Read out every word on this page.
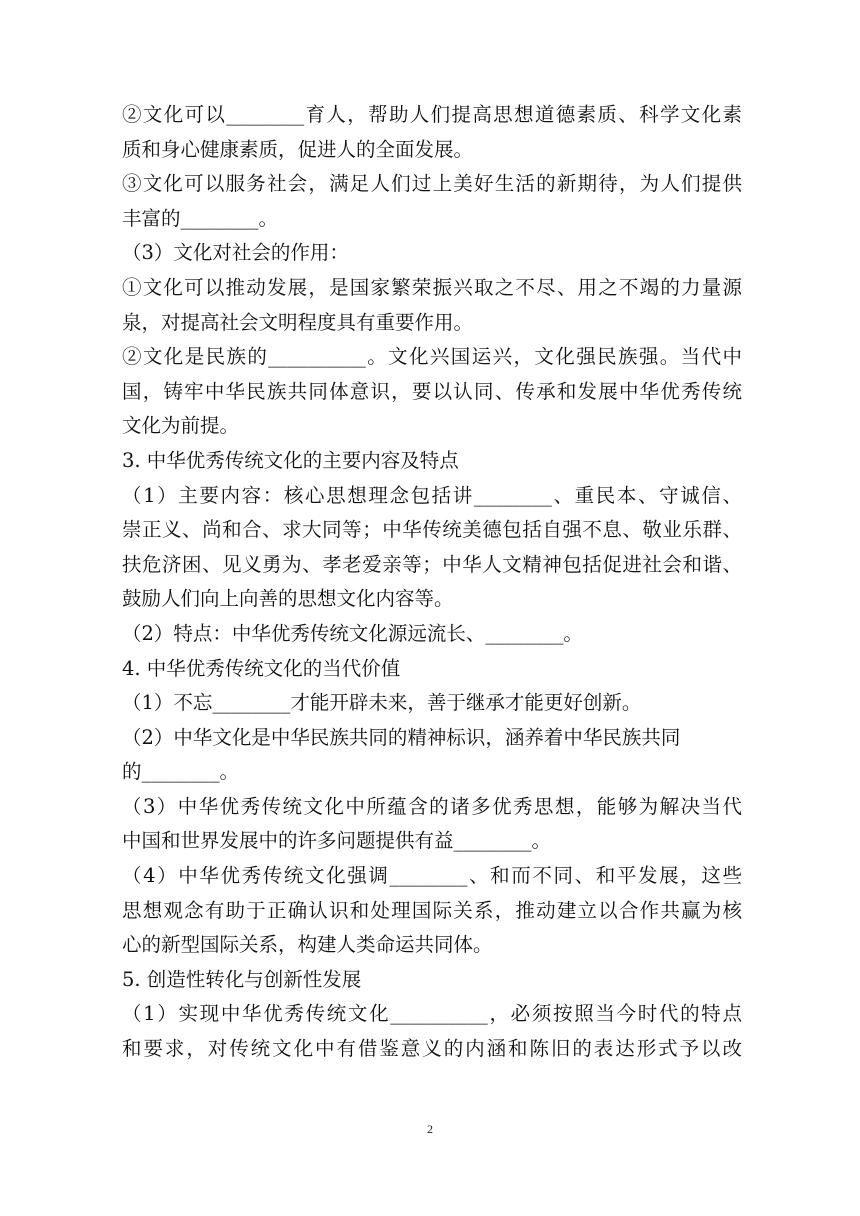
②文化可以________育人，帮助人们提高思想道德素质、科学文化素
质和身心健康素质，促进人的全面发展。
③文化可以服务社会，满足人们过上美好生活的新期待，为人们提供
丰富的________。
（3）文化对社会的作用：
①文化可以推动发展，是国家繁荣振兴取之不尽、用之不竭的力量源
泉，对提高社会文明程度具有重要作用。
②文化是民族的__________。文化兴国运兴，文化强民族强。当代中
国，铸牢中华民族共同体意识，要以认同、传承和发展中华优秀传统
文化为前提。
3. 中华优秀传统文化的主要内容及特点
（1）主要内容：核心思想理念包括讲________、重民本、守诚信、
崇正义、尚和合、求大同等；中华传统美德包括自强不息、敬业乐群、
扶危济困、见义勇为、孝老爱亲等；中华人文精神包括促进社会和谐、
鼓励人们向上向善的思想文化内容等。
（2）特点：中华优秀传统文化源远流长、________。
4. 中华优秀传统文化的当代价值
（1）不忘________才能开辟未来，善于继承才能更好创新。
（2）中华文化是中华民族共同的精神标识，涵养着中华民族共同
的________。
（3）中华优秀传统文化中所蕴含的诸多优秀思想，能够为解决当代
中国和世界发展中的许多问题提供有益________。
（4）中华优秀传统文化强调________、和而不同、和平发展，这些
思想观念有助于正确认识和处理国际关系，推动建立以合作共赢为核
心的新型国际关系，构建人类命运共同体。
5. 创造性转化与创新性发展
（1）实现中华优秀传统文化__________，必须按照当今时代的特点
和要求，对传统文化中有借鉴意义的内涵和陈旧的表达形式予以改
2
